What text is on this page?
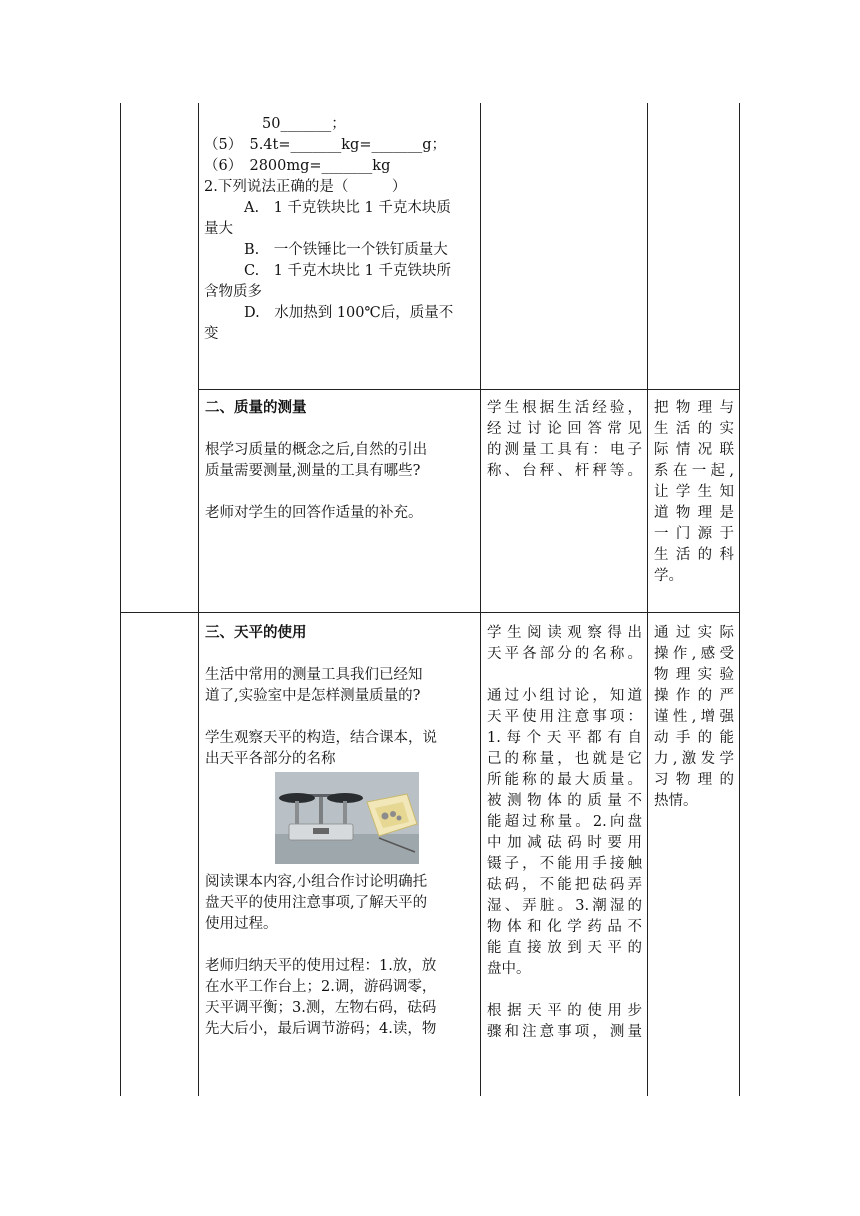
50_______；

（5）　5.4t=_______kg=_______g；

（6）　2800mg=_______kg

2.下列说法正确的是（　　　）

A.　1 千克铁块比 1 千克木块质

量大

B.　一个铁锤比一个铁钉质量大

C.　1 千克木块比 1 千克铁块所

含物质多

D.　水加热到 100℃后，质量不

变

二、质量的测量

根学习质量的概念之后,自然的引出

质量需要测量,测量的工具有哪些?

老师对学生的回答作适量的补充。

学生根据生活经验，

经过讨论回答常见

的测量工具有：电子

称、台秤、杆秤等。

把物理与

生活的实

际情况联

系在一起,

让学生知

道物理是

一门源于

生活的科

学。

三、天平的使用

生活中常用的测量工具我们已经知

道了,实验室中是怎样测量质量的?

学生观察天平的构造，结合课本，说

出天平各部分的名称

阅读课本内容,小组合作讨论明确托

盘天平的使用注意事项,了解天平的

使用过程。

老师归纳天平的使用过程：1.放，放

在水平工作台上；2.调，游码调零，

天平调平衡；3.测，左物右码，砝码

先大后小，最后调节游码；4.读，物

学生阅读观察得出

天平各部分的名称。

通过小组讨论，知道

天平使用注意事项：

1.每个天平都有自

己的称量，也就是它

所能称的最大质量。

被测物体的质量不

能超过称量。2.向盘

中加减砝码时要用

镊子，不能用手接触

砝码，不能把砝码弄

湿、弄脏。3.潮湿的

物体和化学药品不

能直接放到天平的

盘中。

根据天平的使用步

骤和注意事项，测量

通过实际

操作,感受

物理实验

操作的严

谨性,增强

动手的能

力,激发学

习物理的

热情。
